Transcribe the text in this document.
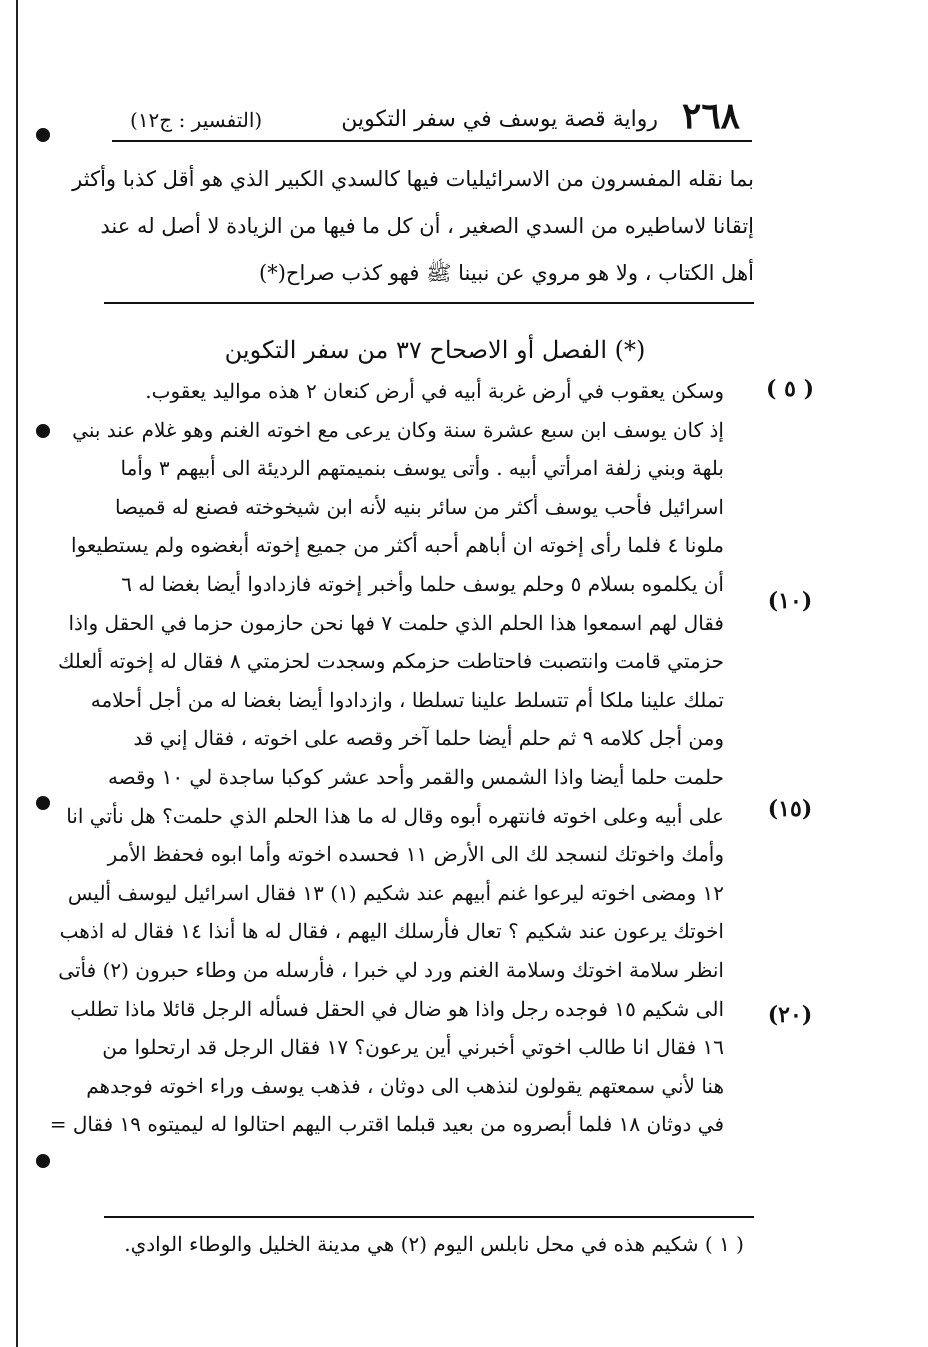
٢٦٨
رواية قصة يوسف في سفر التكوين
(التفسير : ج١٢)
بما نقله المفسرون من الاسرائيليات فيها كالسدي الكبير الذي هو أقل كذبا وأكثر
إتقانا لاساطيره من السدي الصغير ، أن كل ما فيها من الزيادة لا أصل له عند
أهل الكتاب ، ولا هو مروي عن نبينا ﷺ فهو كذب صراح(*)
(*) الفصل أو الاصحاح ٣٧ من سفر التكوين
( ٥ )
(١٠)
(١٥)
(٢٠)
وسكن يعقوب في أرض غربة أبيه في أرض كنعان ٢ هذه مواليد يعقوب.
إذ كان يوسف ابن سبع عشرة سنة وكان يرعى مع اخوته الغنم وهو غلام عند بني
بلهة وبني زلفة امرأتي أبيه . وأتى يوسف بنميمتهم الرديئة الى أبيهم ٣ وأما
اسرائيل فأحب يوسف أكثر من سائر بنيه لأنه ابن شيخوخته فصنع له قميصا
ملونا ٤ فلما رأى إخوته ان أباهم أحبه أكثر من جميع إخوته أبغضوه ولم يستطيعوا
أن يكلموه بسلام ٥ وحلم يوسف حلما وأخبر إخوته فازدادوا أيضا بغضا له ٦
فقال لهم اسمعوا هذا الحلم الذي حلمت ٧ فها نحن حازمون حزما في الحقل واذا
حزمتي قامت وانتصبت فاحتاطت حزمكم وسجدت لحزمتي ٨ فقال له إخوته ألعلك
تملك علينا ملكا أم تتسلط علينا تسلطا ، وازدادوا أيضا بغضا له من أجل أحلامه
ومن أجل كلامه ٩ ثم حلم أيضا حلما آخر وقصه على اخوته ، فقال إني قد
حلمت حلما أيضا واذا الشمس والقمر وأحد عشر كوكبا ساجدة لي ١٠ وقصه
على أبيه وعلى اخوته فانتهره أبوه وقال له ما هذا الحلم الذي حلمت؟ هل نأتي انا
وأمك واخوتك لنسجد لك الى الأرض ١١ فحسده اخوته وأما ابوه فحفظ الأمر
١٢ ومضى اخوته ليرعوا غنم أبيهم عند شكيم (١) ١٣ فقال اسرائيل ليوسف أليس
اخوتك يرعون عند شكيم ؟ تعال فأرسلك اليهم ، فقال له ها أنذا ١٤ فقال له اذهب
انظر سلامة اخوتك وسلامة الغنم ورد لي خبرا ، فأرسله من وطاء حبرون (٢) فأتى
الى شكيم ١٥ فوجده رجل واذا هو ضال في الحقل فسأله الرجل قائلا ماذا تطلب
١٦ فقال انا طالب اخوتي أخبرني أين يرعون؟ ١٧ فقال الرجل قد ارتحلوا من
هنا لأني سمعتهم يقولون لنذهب الى دوثان ، فذهب يوسف وراء اخوته فوجدهم
في دوثان ١٨ فلما أبصروه من بعيد قبلما اقترب اليهم احتالوا له ليميتوه ١٩ فقال =
( ١ ) شكيم هذه في محل نابلس اليوم (٢) هي مدينة الخليل والوطاء الوادي.
